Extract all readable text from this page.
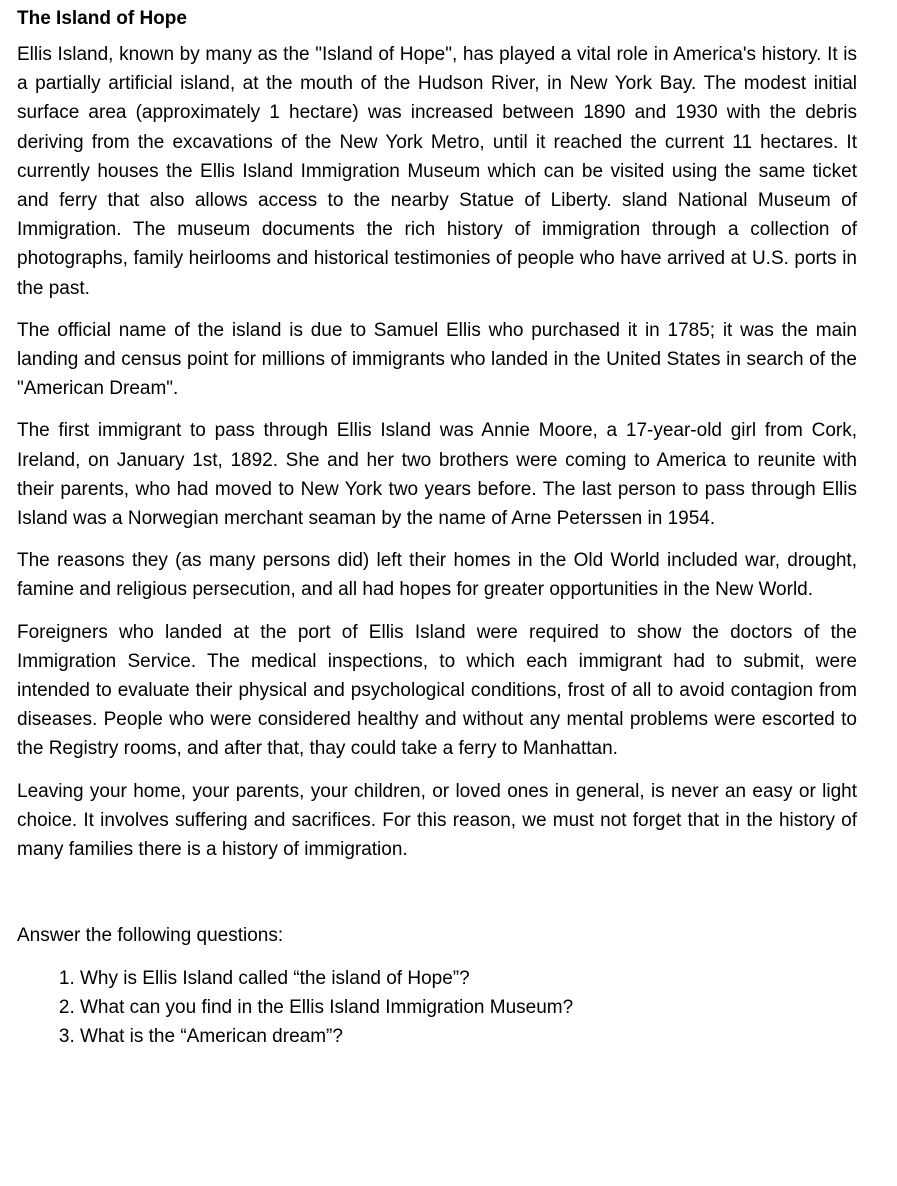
The Island of Hope

Ellis Island, known by many as the "Island of Hope", has played a vital role in America's history. It is a partially artificial island, at the mouth of the Hudson River, in New York Bay. The modest initial surface area (approximately 1 hectare) was increased between 1890 and 1930 with the debris deriving from the excavations of the New York Metro, until it reached the current 11 hectares. It currently houses the Ellis Island Immigration Museum which can be visited using the same ticket and ferry that also allows access to the nearby Statue of Liberty. sland National Museum of Immigration. The museum documents the rich history of immigration through a collection of photographs, family heirlooms and historical testimonies of people who have arrived at U.S. ports in the past.

The official name of the island is due to Samuel Ellis who purchased it in 1785; it was the main landing and census point for millions of immigrants who landed in the United States in search of the "American Dream".

The first immigrant to pass through Ellis Island was Annie Moore, a 17-year-old girl from Cork, Ireland, on January 1st, 1892. She and her two brothers were coming to America to reunite with their parents, who had moved to New York two years before. The last person to pass through Ellis Island was a Norwegian merchant seaman by the name of Arne Peterssen in 1954.

The reasons they (as many persons did) left their homes in the Old World included war, drought, famine and religious persecution, and all had hopes for greater opportunities in the New World.

Foreigners who landed at the port of Ellis Island were required to show the doctors of the Immigration Service. The medical inspections, to which each immigrant had to submit, were intended to evaluate their physical and psychological conditions, frost of all to avoid contagion from diseases. People who were considered healthy and without any mental problems were escorted to the Registry rooms, and after that, thay could take a ferry to Manhattan.

Leaving your home, your parents, your children, or loved ones in general, is never an easy or light choice. It involves suffering and sacrifices. For this reason, we must not forget that in the history of many families there is a history of immigration.

Answer the following questions:

1. Why is Ellis Island called “the island of Hope”?
2. What can you find in the Ellis Island Immigration Museum?
3. What is the “American dream”?
